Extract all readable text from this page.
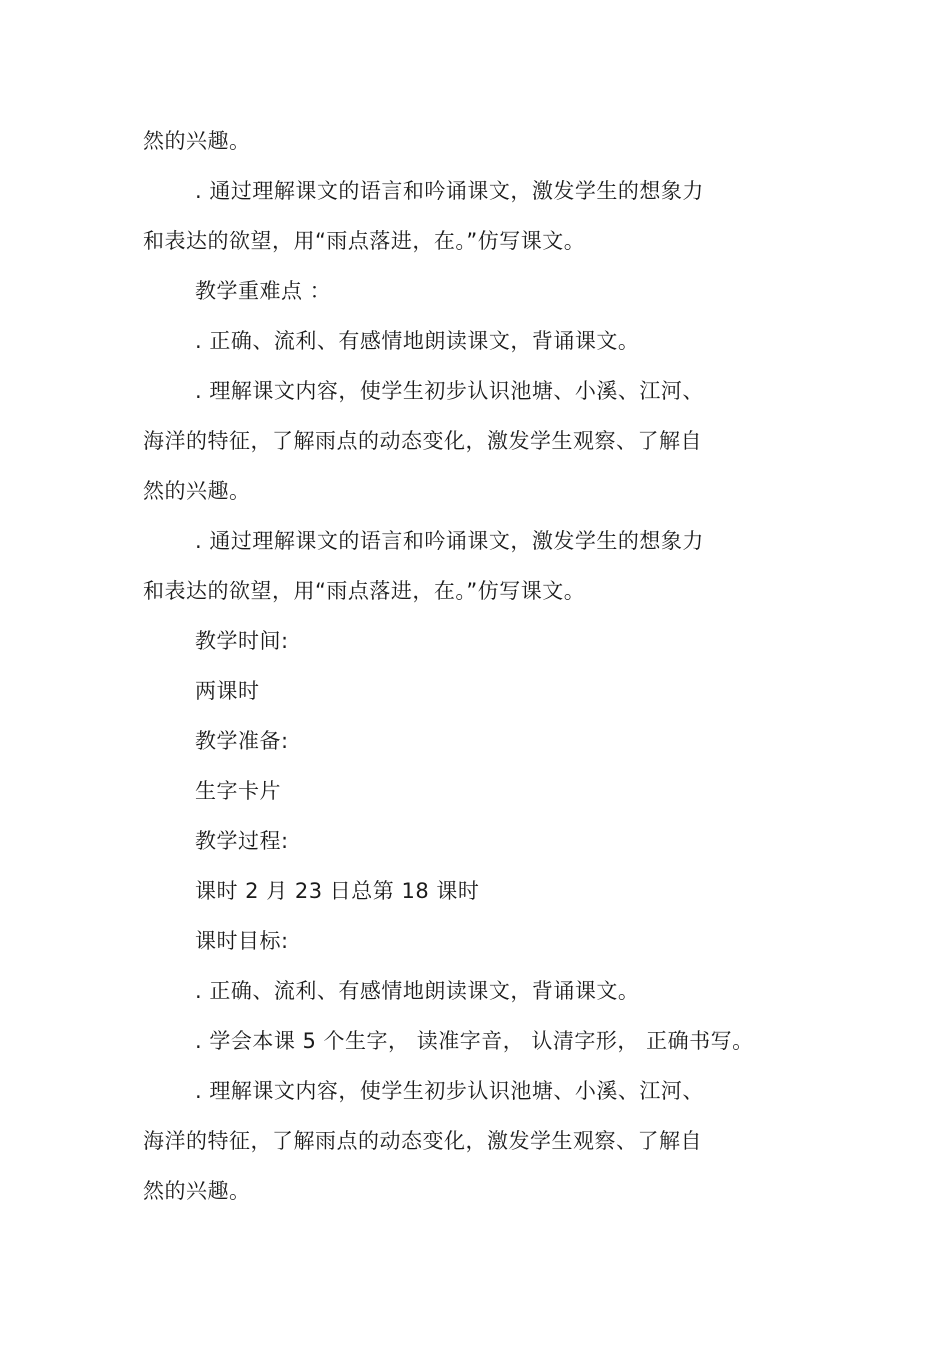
然的兴趣。
. 通过理解课文的语言和吟诵课文，激发学生的想象力
和表达的欲望，用“雨点落进，在。”仿写课文。
教学重难点 ：
. 正确、流利、有感情地朗读课文，背诵课文。
. 理解课文内容，使学生初步认识池塘、小溪、江河、
海洋的特征，了解雨点的动态变化，激发学生观察、了解自
然的兴趣。
. 通过理解课文的语言和吟诵课文，激发学生的想象力
和表达的欲望，用“雨点落进，在。”仿写课文。
教学时间:
两课时
教学准备:
生字卡片
教学过程:
课时 2 月 23 日总第 18 课时
课时目标:
. 正确、流利、有感情地朗读课文，背诵课文。
. 学会本课 5 个生字， 读准字音， 认清字形， 正确书写。
. 理解课文内容，使学生初步认识池塘、小溪、江河、
海洋的特征，了解雨点的动态变化，激发学生观察、了解自
然的兴趣。
